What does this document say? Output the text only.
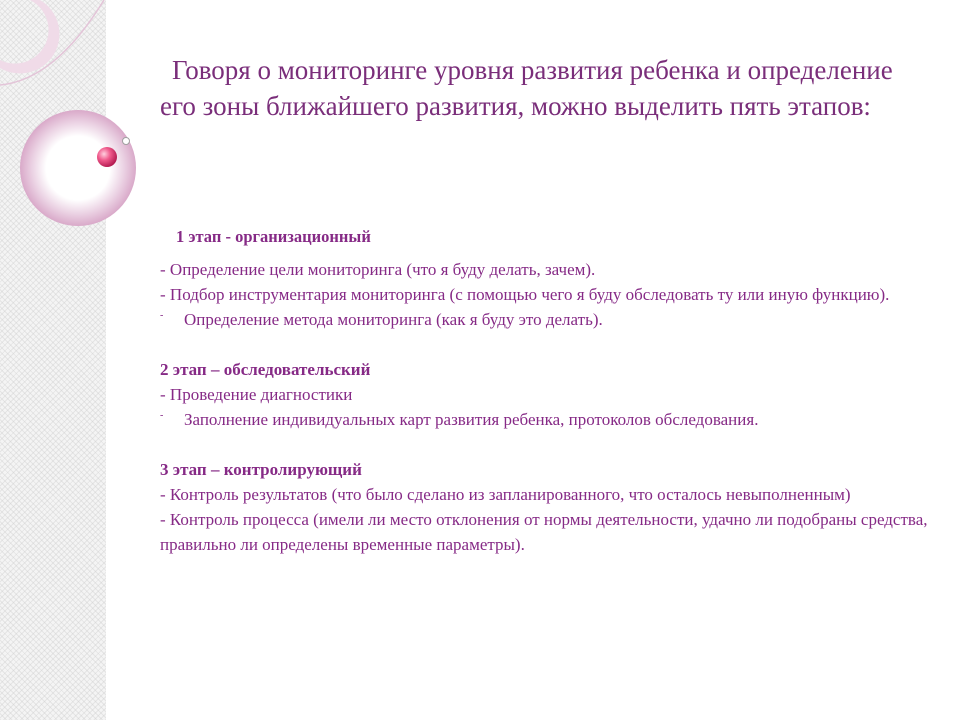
Говоря о мониторинге уровня развития ребенка и определение его зоны ближайшего развития, можно выделить пять этапов:
1 этап - организационный
- Определение цели мониторинга (что я буду делать, зачем).
- Подбор инструментария мониторинга (с помощью чего я буду обследовать ту или иную функцию).
- Определение метода мониторинга (как я буду это делать).
2 этап – обследовательский
- Проведение диагностики
- Заполнение индивидуальных карт развития ребенка, протоколов обследования.
3 этап – контролирующий
- Контроль результатов (что было сделано из запланированного, что осталось невыполненным)
- Контроль процесса (имели ли место отклонения от нормы деятельности, удачно ли подобраны средства, правильно ли определены временные параметры).
